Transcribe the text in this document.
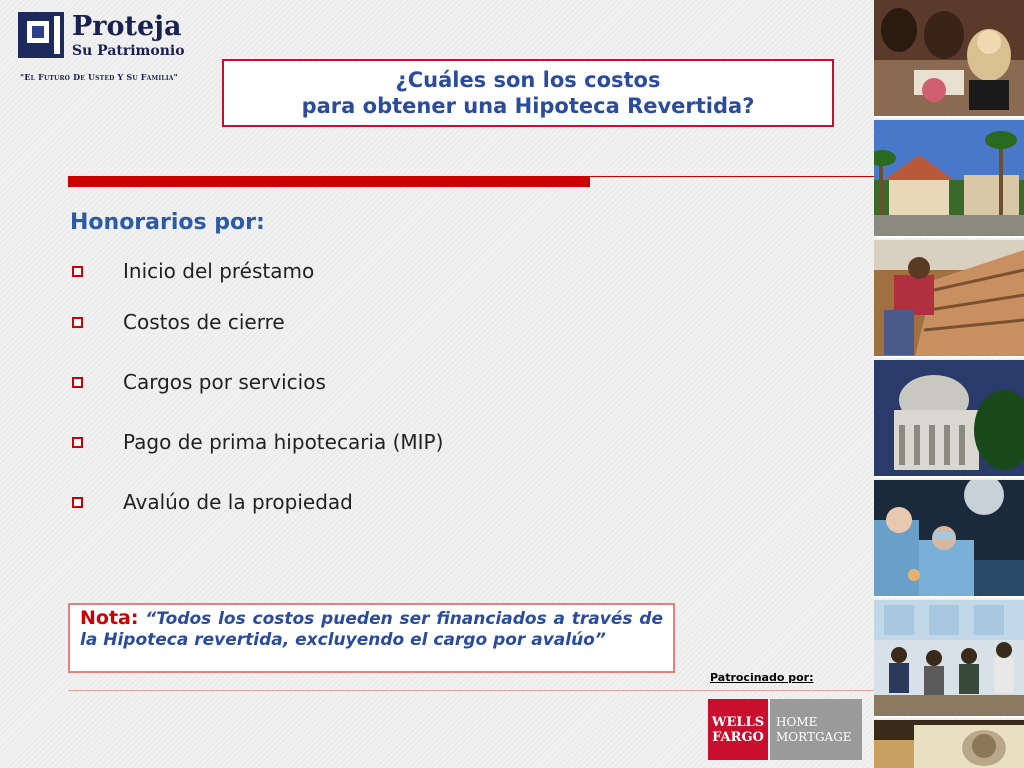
Proteja
Su Patrimonio
"El Futuro De Usted Y Su Familia"	¿Cuáles son los costos
para obtener una Hipoteca Revertida?
Honorarios por:
Inicio del préstamo
Costos de cierre
Cargos por servicios
Pago de prima hipotecaria (MIP)
Avalúo de la propiedad
Nota: “Todos los costos pueden ser financiados a través de la Hipoteca revertida, excluyendo el cargo por avalúo”
Patrocinado por:
WELLS
FARGO
HOME
MORTGAGE
